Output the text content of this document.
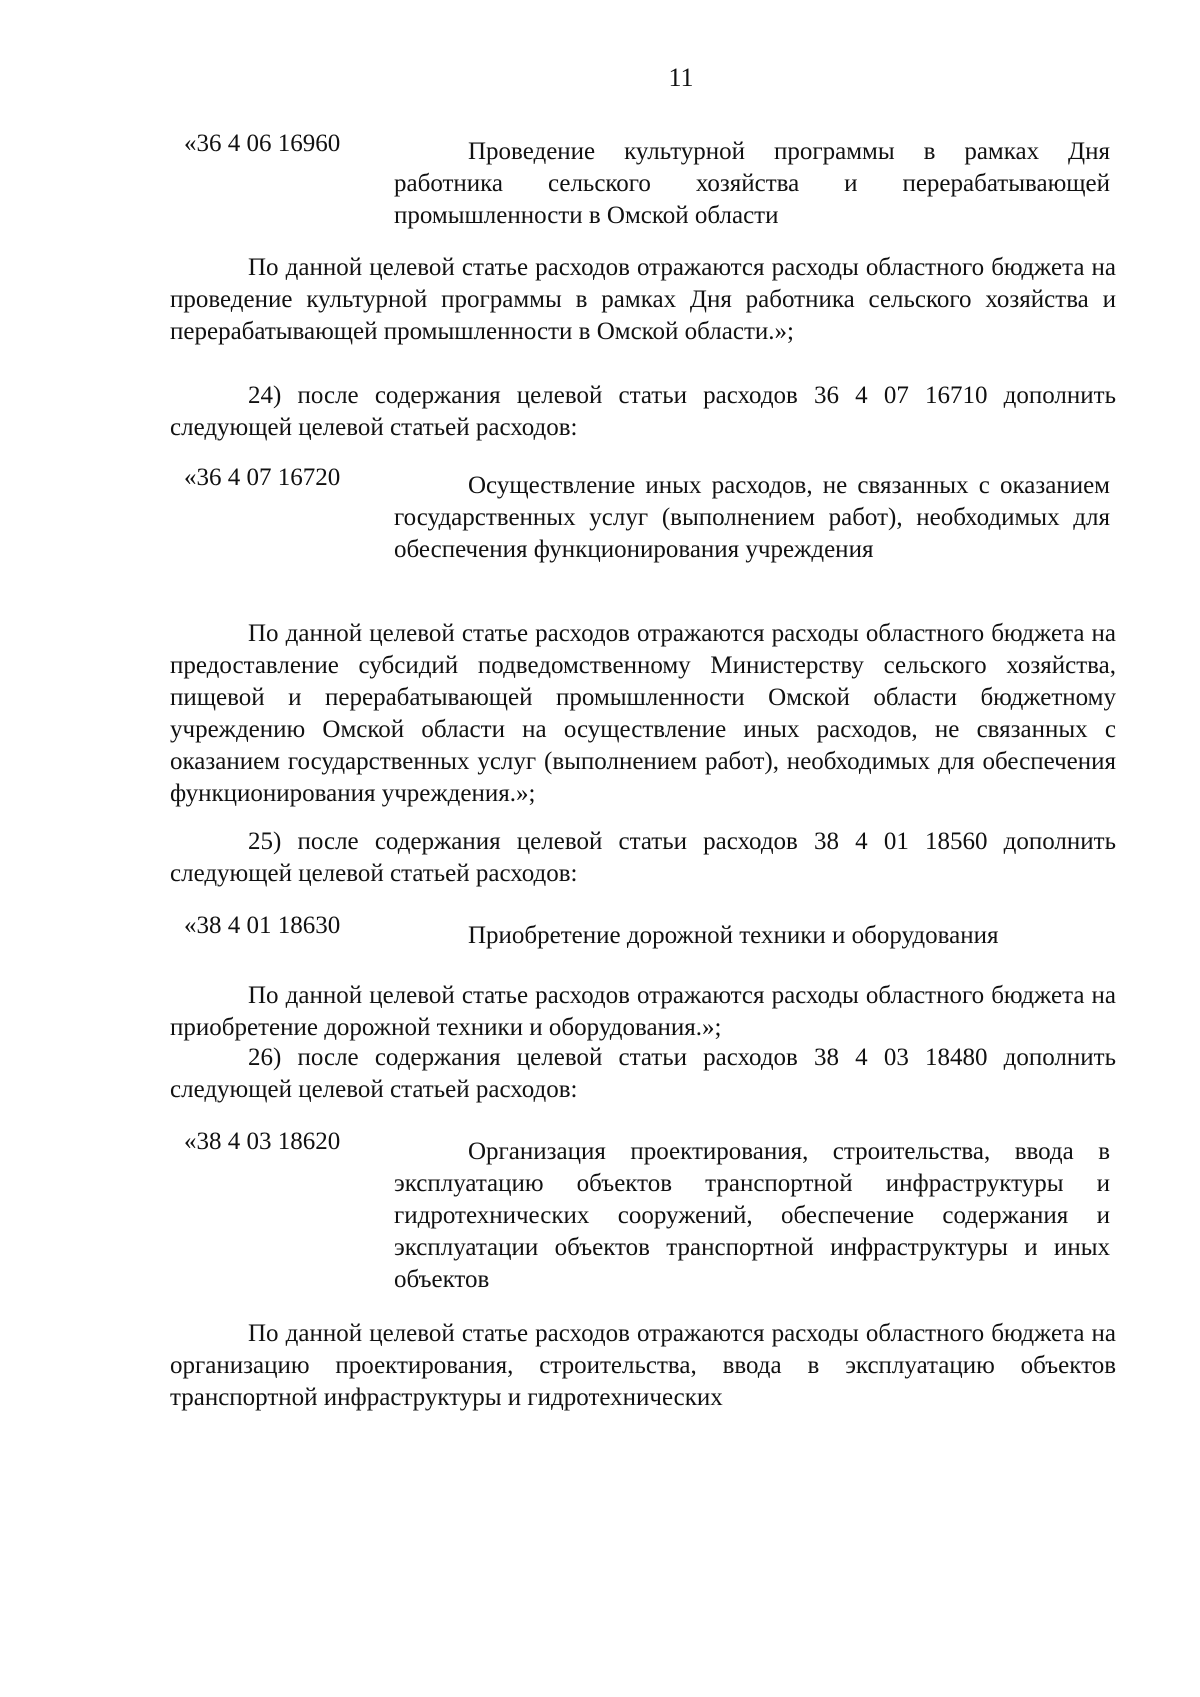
11
«36 4 06 16960	Проведение культурной программы в рамках Дня работника сельского хозяйства и перерабатывающей промышленности в Омской области
По данной целевой статье расходов отражаются расходы областного бюджета на проведение культурной программы в рамках Дня работника сельского хозяйства и перерабатывающей промышленности в Омской области.»;
24) после содержания целевой статьи расходов 36 4 07 16710 дополнить следующей целевой статьей расходов:
«36 4 07 16720	Осуществление иных расходов, не связанных с оказанием государственных услуг (выполнением работ), необходимых для обеспечения функционирования учреждения
По данной целевой статье расходов отражаются расходы областного бюджета на предоставление субсидий подведомственному Министерству сельского хозяйства, пищевой и перерабатывающей промышленности Омской области бюджетному учреждению Омской области на осуществление иных расходов, не связанных с оказанием государственных услуг (выполнением работ), необходимых для обеспечения функционирования учреждения.»;
25) после содержания целевой статьи расходов 38 4 01 18560 дополнить следующей целевой статьей расходов:
«38 4 01 18630	Приобретение дорожной техники и оборудования
По данной целевой статье расходов отражаются расходы областного бюджета на приобретение дорожной техники и оборудования.»;
26) после содержания целевой статьи расходов 38 4 03 18480 дополнить следующей целевой статьей расходов:
«38 4 03 18620	Организация проектирования, строительства, ввода в эксплуатацию объектов транспортной инфраструктуры и гидротехнических сооружений, обеспечение содержания и эксплуатации объектов транспортной инфраструктуры и иных объектов
По данной целевой статье расходов отражаются расходы областного бюджета на организацию проектирования, строительства, ввода в эксплуатацию объектов транспортной инфраструктуры и гидротехнических
